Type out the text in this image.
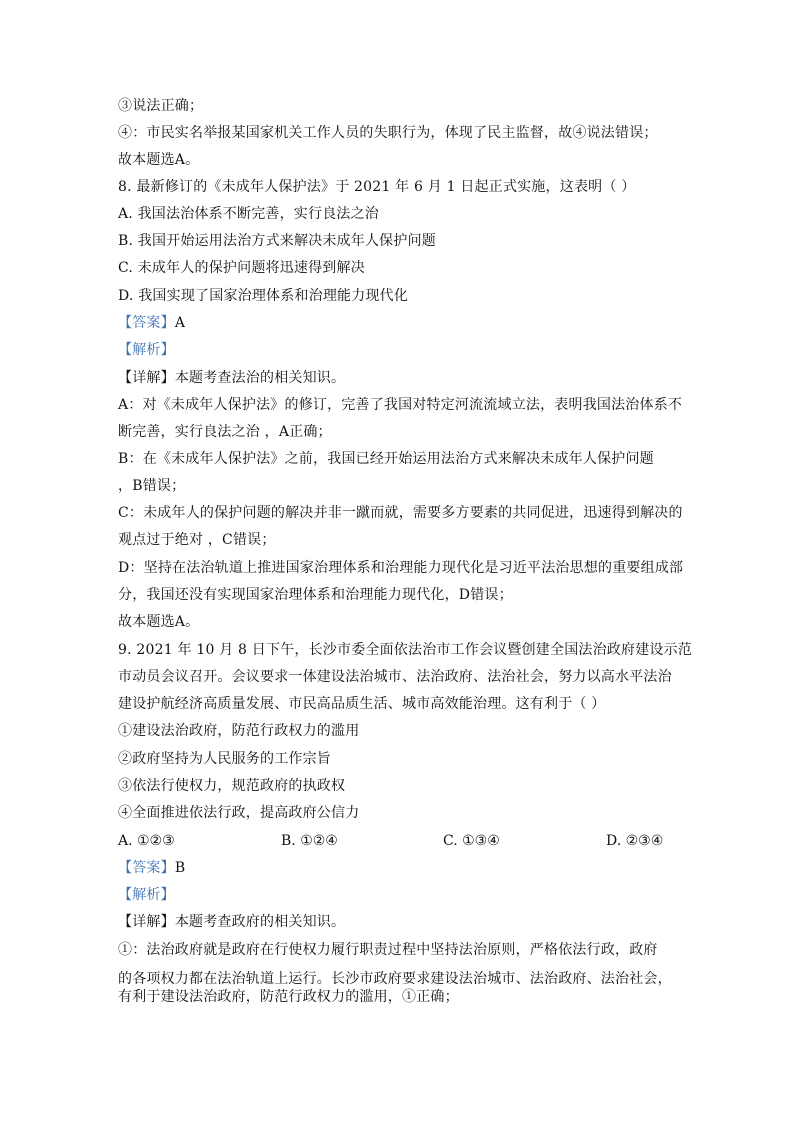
③说法正确；
④：市民实名举报某国家机关工作人员的失职行为，体现了民主监督，故④说法错误；
故本题选A。
8. 最新修订的《未成年人保护法》于 2021 年 6 月 1 日起正式实施，这表明（ ）
A. 我国法治体系不断完善，实行良法之治
B. 我国开始运用法治方式来解决未成年人保护问题
C. 未成年人的保护问题将迅速得到解决
D. 我国实现了国家治理体系和治理能力现代化
【答案】A
【解析】
【详解】本题考查法治的相关知识。
A：对《未成年人保护法》的修订，完善了我国对特定河流流域立法，表明我国法治体系不
断完善，实行良法之治 ，A正确；
B：在《未成年人保护法》之前，我国已经开始运用法治方式来解决未成年人保护问题
，B错误；
C：未成年人的保护问题的解决并非一蹴而就，需要多方要素的共同促进，迅速得到解决的
观点过于绝对 ，C错误；
D：坚持在法治轨道上推进国家治理体系和治理能力现代化是习近平法治思想的重要组成部
分，我国还没有实现国家治理体系和治理能力现代化，D错误；
故本题选A。
9. 2021 年 10 月 8 日下午，长沙市委全面依法治市工作会议暨创建全国法治政府建设示范
市动员会议召开。会议要求一体建设法治城市、法治政府、法治社会，努力以高水平法治
建设护航经济高质量发展、市民高品质生活、城市高效能治理。这有利于（ ）
①建设法治政府，防范行政权力的滥用
②政府坚持为人民服务的工作宗旨
③依法行使权力，规范政府的执政权
④全面推进依法行政，提高政府公信力
A. ①②③	B. ①②④	C. ①③④	D. ②③④
【答案】B
【解析】
【详解】本题考查政府的相关知识。
①：法治政府就是政府在行使权力履行职责过程中坚持法治原则，严格依法行政，政府
的各项权力都在法治轨道上运行。长沙市政府要求建设法治城市、法治政府、法治社会，
有利于建设法治政府，防范行政权力的滥用，①正确；
